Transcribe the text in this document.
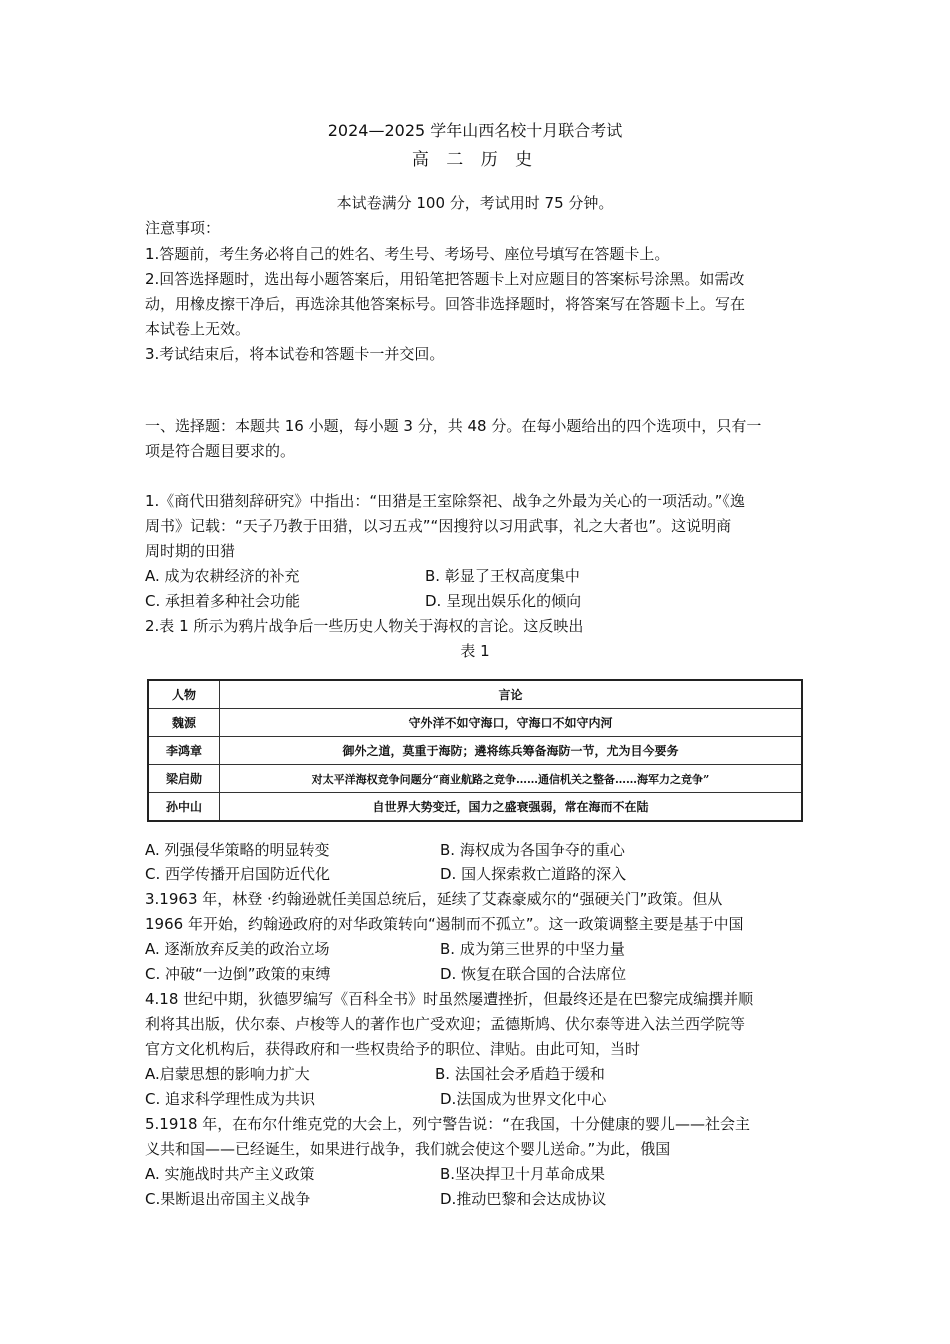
2024—2025 学年山西名校十月联合考试
高 二 历 史
本试卷满分 100 分，考试用时 75 分钟。
注意事项：
1.答题前，考生务必将自己的姓名、考生号、考场号、座位号填写在答题卡上。
2.回答选择题时，选出每小题答案后，用铅笔把答题卡上对应题目的答案标号涂黑。如需改
动，用橡皮擦干净后，再选涂其他答案标号。回答非选择题时，将答案写在答题卡上。写在
本试卷上无效。
3.考试结束后，将本试卷和答题卡一并交回。
一、选择题：本题共 16 小题，每小题 3 分，共 48 分。在每小题给出的四个选项中，只有一
项是符合题目要求的。
1.《商代田猎刻辞研究》中指出：“田猎是王室除祭祀、战争之外最为关心的一项活动。”《逸
周书》记载：“天子乃教于田猎，以习五戎”“因搜狩以习用武事，礼之大者也”。这说明商
周时期的田猎
A. 成为农耕经济的补充	B. 彰显了王权高度集中
C. 承担着多种社会功能	D. 呈现出娱乐化的倾向
2.表 1 所示为鸦片战争后一些历史人物关于海权的言论。这反映出
表 1
人物	言论
魏源	守外洋不如守海口，守海口不如守内河
李鸿章	御外之道，莫重于海防；遴将练兵筹备海防一节，尤为目今要务
梁启勋	对太平洋海权竞争问题分“商业航路之竞争……通信机关之整备……海军力之竞争”
孙中山	自世界大势变迁，国力之盛衰强弱，常在海而不在陆
A. 列强侵华策略的明显转变	B. 海权成为各国争夺的重心
C. 西学传播开启国防近代化	D. 国人探索救亡道路的深入
3.1963 年，林登 ·约翰逊就任美国总统后，延续了艾森豪威尔的“强硬关门”政策。但从
1966 年开始，约翰逊政府的对华政策转向“遏制而不孤立”。这一政策调整主要是基于中国
A. 逐渐放弃反美的政治立场	B. 成为第三世界的中坚力量
C. 冲破“一边倒”政策的束缚	D. 恢复在联合国的合法席位
4.18 世纪中期，狄德罗编写《百科全书》时虽然屡遭挫折，但最终还是在巴黎完成编撰并顺
利将其出版，伏尔泰、卢梭等人的著作也广受欢迎；孟德斯鸠、伏尔泰等进入法兰西学院等
官方文化机构后，获得政府和一些权贵给予的职位、津贴。由此可知，当时
A.启蒙思想的影响力扩大	B. 法国社会矛盾趋于缓和
C. 追求科学理性成为共识	D.法国成为世界文化中心
5.1918 年，在布尔什维克党的大会上，列宁警告说：“在我国，十分健康的婴儿——社会主
义共和国——已经诞生，如果进行战争，我们就会使这个婴儿送命。”为此，俄国
A. 实施战时共产主义政策	B.坚决捍卫十月革命成果
C.果断退出帝国主义战争	D.推动巴黎和会达成协议
